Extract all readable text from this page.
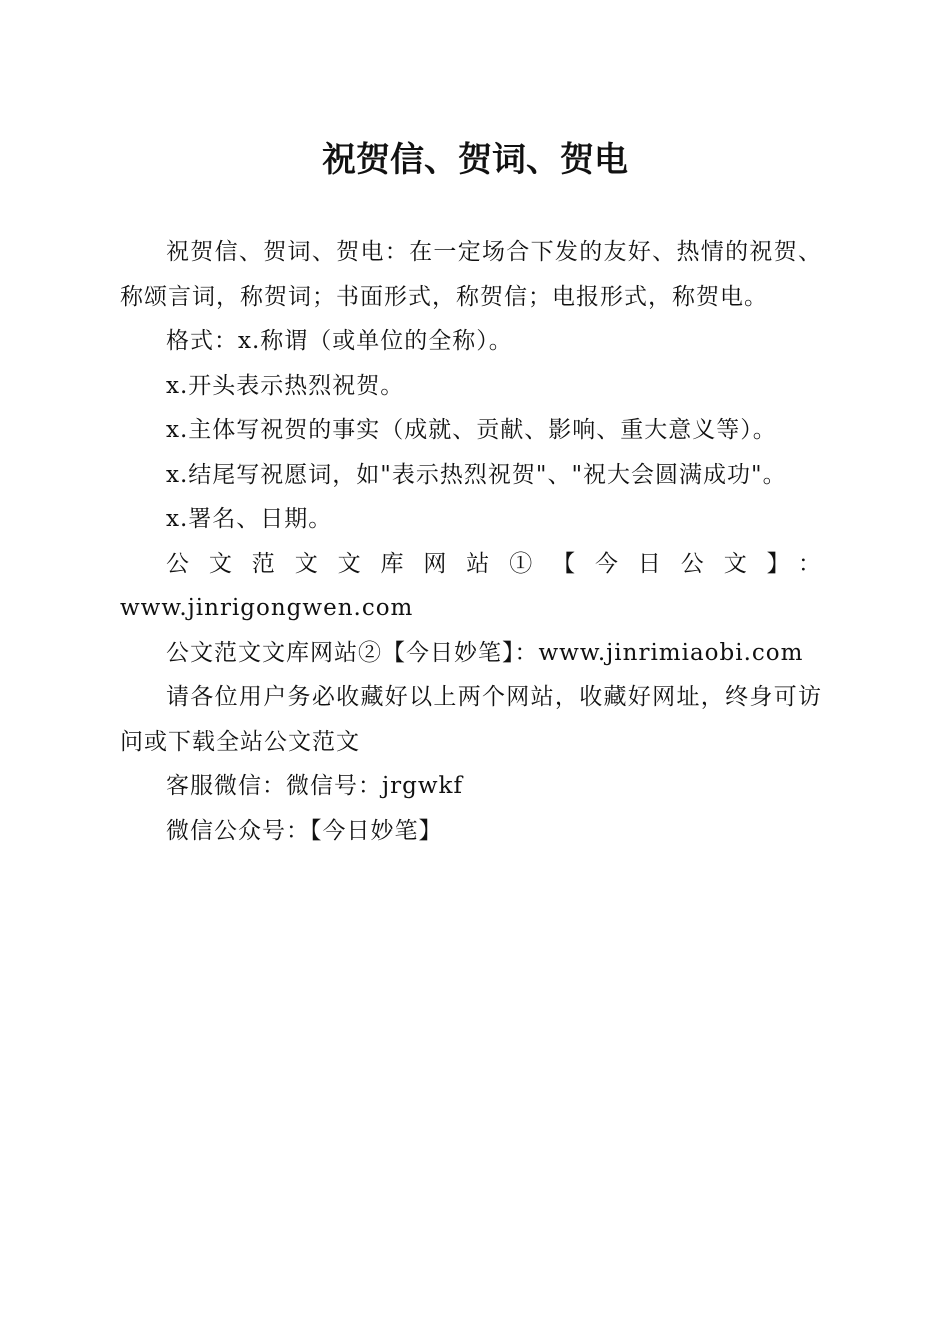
祝贺信、贺词、贺电

祝贺信、贺词、贺电：在一定场合下发的友好、热情的祝贺、称颂言词，称贺词；书面形式，称贺信；电报形式，称贺电。

格式：x.称谓（或单位的全称）。

x.开头表示热烈祝贺。

x.主体写祝贺的事实（成就、贡献、影响、重大意义等）。

x.结尾写祝愿词，如"表示热烈祝贺"、"祝大会圆满成功"。

x.署名、日期。

公文范文文库网站①【今日公文】：
www.jinrigongwen.com

公文范文文库网站②【今日妙笔】：www.jinrimiaobi.com

请各位用户务必收藏好以上两个网站，收藏好网址，终身可访问或下载全站公文范文

客服微信：微信号：jrgwkf

微信公众号：【今日妙笔】
